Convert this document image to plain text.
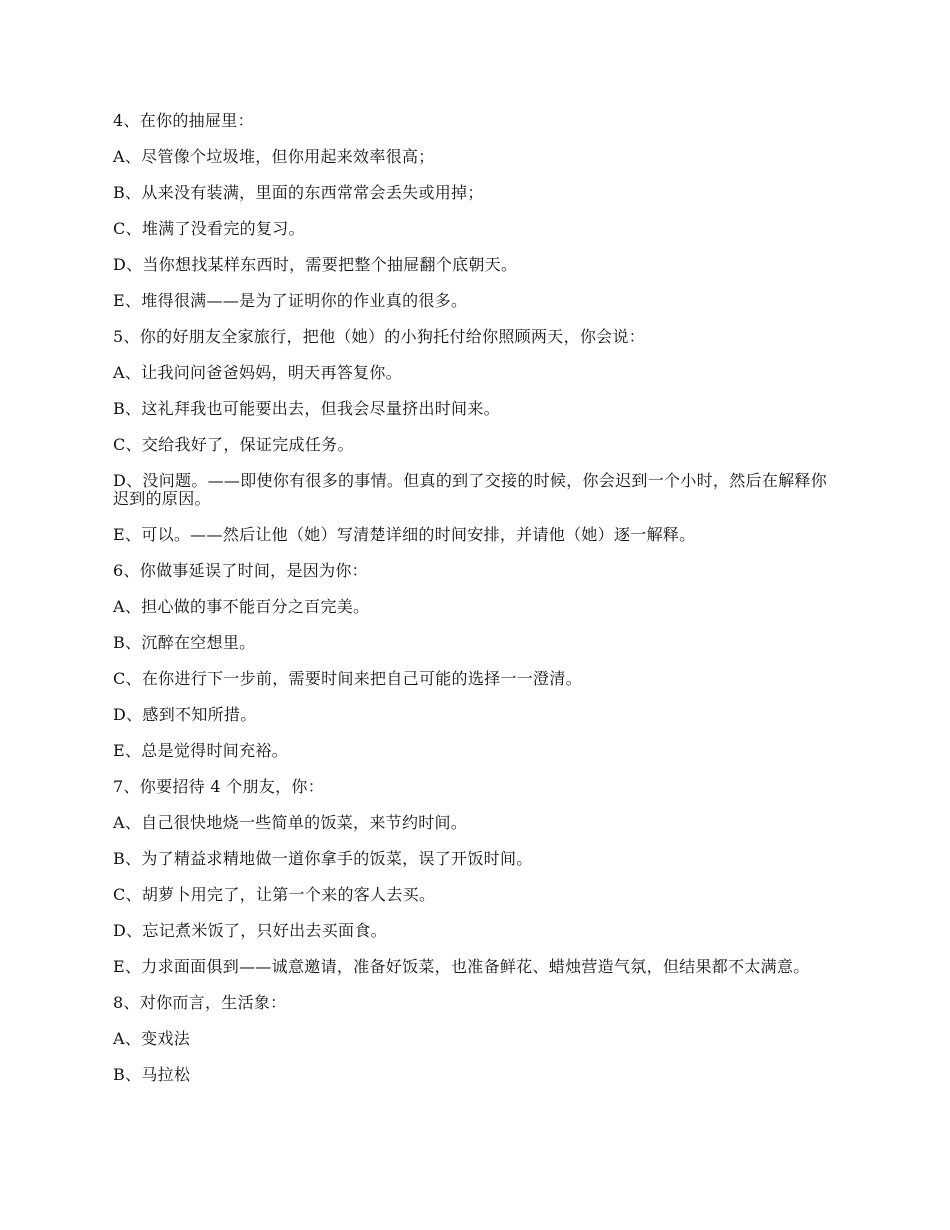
4、在你的抽屉里：

A、尽管像个垃圾堆，但你用起来效率很高；

B、从来没有装满，里面的东西常常会丢失或用掉；

C、堆满了没看完的复习。

D、当你想找某样东西时，需要把整个抽屉翻个底朝天。

E、堆得很满——是为了证明你的作业真的很多。

5、你的好朋友全家旅行，把他（她）的小狗托付给你照顾两天，你会说：

A、让我问问爸爸妈妈，明天再答复你。

B、这礼拜我也可能要出去，但我会尽量挤出时间来。

C、交给我好了，保证完成任务。

D、没问题。——即使你有很多的事情。但真的到了交接的时候，你会迟到一个小时，然后在解释你迟到的原因。

E、可以。——然后让他（她）写清楚详细的时间安排，并请他（她）逐一解释。

6、你做事延误了时间，是因为你：

A、担心做的事不能百分之百完美。

B、沉醉在空想里。

C、在你进行下一步前，需要时间来把自己可能的选择一一澄清。

D、感到不知所措。

E、总是觉得时间充裕。

7、你要招待 4 个朋友，你：

A、自己很快地烧一些简单的饭菜，来节约时间。

B、为了精益求精地做一道你拿手的饭菜，误了开饭时间。

C、胡萝卜用完了，让第一个来的客人去买。

D、忘记煮米饭了，只好出去买面食。

E、力求面面俱到——诚意邀请，准备好饭菜，也准备鲜花、蜡烛营造气氛，但结果都不太满意。

8、对你而言，生活象：

A、变戏法

B、马拉松
